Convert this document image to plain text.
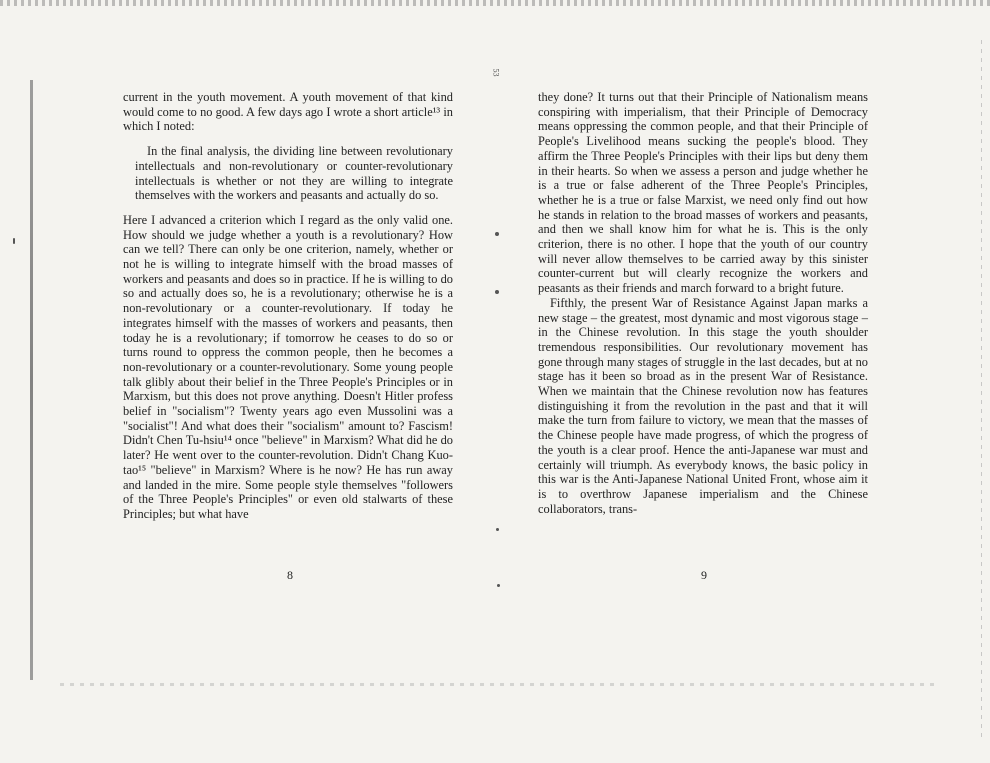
53

current in the youth movement. A youth movement of that kind would come to no good. A few days ago I wrote a short article¹³ in which I noted:

In the final analysis, the dividing line between revolutionary intellectuals and non-revolutionary or counter-revolutionary intellectuals is whether or not they are willing to integrate themselves with the workers and peasants and actually do so.

Here I advanced a criterion which I regard as the only valid one. How should we judge whether a youth is a revolutionary? How can we tell? There can only be one criterion, namely, whether or not he is willing to integrate himself with the broad masses of workers and peasants and does so in practice. If he is willing to do so and actually does so, he is a revolutionary; otherwise he is a non-revolutionary or a counter-revolutionary. If today he integrates himself with the masses of workers and peasants, then today he is a revolutionary; if tomorrow he ceases to do so or turns round to oppress the common people, then he becomes a non-revolutionary or a counter-revolutionary. Some young people talk glibly about their belief in the Three People's Principles or in Marxism, but this does not prove anything. Doesn't Hitler profess belief in "socialism"? Twenty years ago even Mussolini was a "socialist"! And what does their "socialism" amount to? Fascism! Didn't Chen Tu-hsiu¹⁴ once "believe" in Marxism? What did he do later? He went over to the counter-revolution. Didn't Chang Kuo-tao¹⁵ "believe" in Marxism? Where is he now? He has run away and landed in the mire. Some people style themselves "followers of the Three People's Principles" or even old stalwarts of these Principles; but what have

they done? It turns out that their Principle of Nationalism means conspiring with imperialism, that their Principle of Democracy means oppressing the common people, and that their Principle of People's Livelihood means sucking the people's blood. They affirm the Three People's Principles with their lips but deny them in their hearts. So when we assess a person and judge whether he is a true or false adherent of the Three People's Principles, whether he is a true or false Marxist, we need only find out how he stands in relation to the broad masses of workers and peasants, and then we shall know him for what he is. This is the only criterion, there is no other. I hope that the youth of our country will never allow themselves to be carried away by this sinister counter-current but will clearly recognize the workers and peasants as their friends and march forward to a bright future.

Fifthly, the present War of Resistance Against Japan marks a new stage – the greatest, most dynamic and most vigorous stage – in the Chinese revolution. In this stage the youth shoulder tremendous responsibilities. Our revolutionary movement has gone through many stages of struggle in the last decades, but at no stage has it been so broad as in the present War of Resistance. When we maintain that the Chinese revolution now has features distinguishing it from the revolution in the past and that it will make the turn from failure to victory, we mean that the masses of the Chinese people have made progress, of which the progress of the youth is a clear proof. Hence the anti-Japanese war must and certainly will triumph. As everybody knows, the basic policy in this war is the Anti-Japanese National United Front, whose aim it is to overthrow Japanese imperialism and the Chinese collaborators, trans-

8	9
